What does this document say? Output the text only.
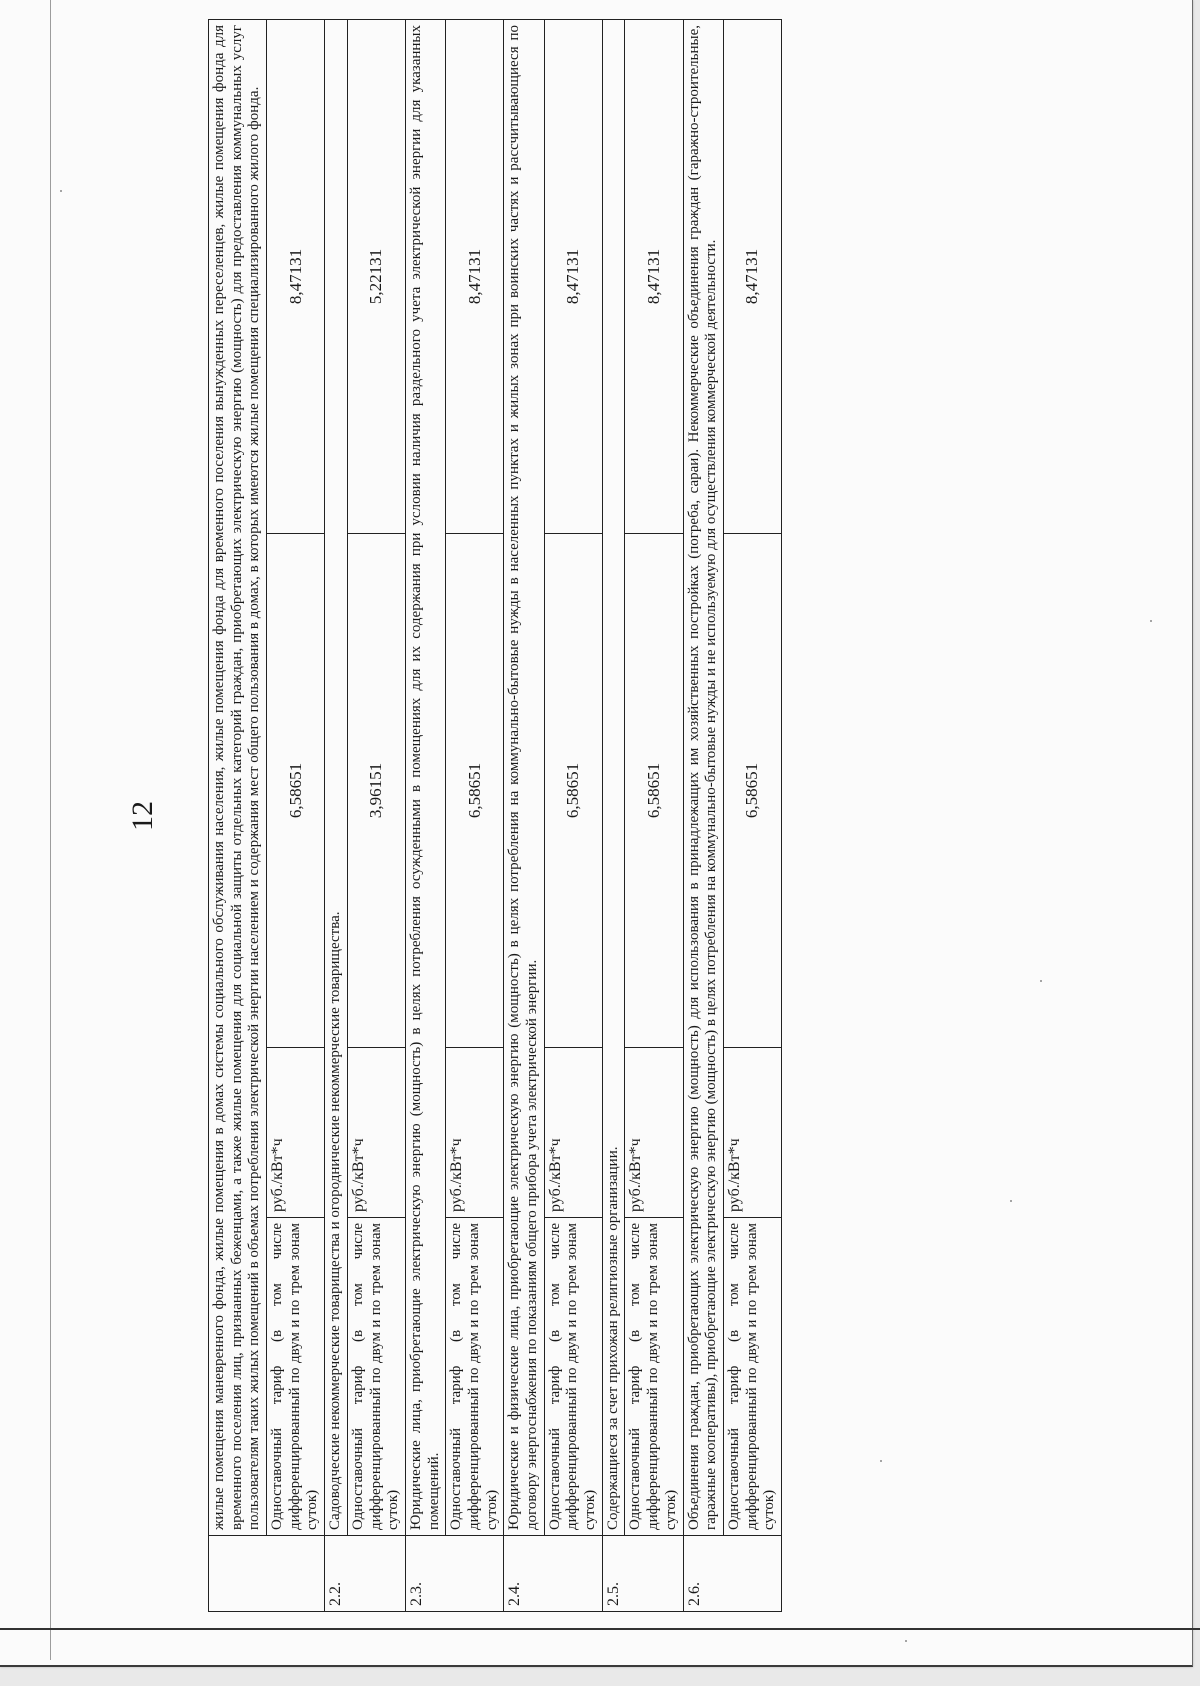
12
		жилые помещения маневренного фонда, жилые помещения в домах системы социального обслуживания населения, жилые помещения фонда для временного поселения вынужденных переселенцев, жилые помещения фонда для временного поселения лиц, признанных беженцами, а также жилые помещения для социальной защиты отдельных категорий граждан, приобретающих электрическую энергию (мощность) для предоставления коммунальных услуг пользователям таких жилых помещений в объемах потребления электрической энергии населением и содержания мест общего пользования в домах, в которых имеются жилые помещения специализированного жилого фонда.			
	Одноставочный тариф (в том числе дифференцированный по двум и по трем зонам суток)	руб./кВт*ч	6,58651	8,47131
2.2.	Садоводческие некоммерческие товарищества и огороднические некоммерческие товарищества.			
	Одноставочный тариф (в том числе дифференцированный по двум и по трем зонам суток)	руб./кВт*ч	3,96151	5,22131
2.3.	Юридические лица, приобретающие электрическую энергию (мощность) в целях потребления осужденными в помещениях для их содержания при условии наличия раздельного учета электрической энергии для указанных помещений.			
	Одноставочный тариф (в том числе дифференцированный по двум и по трем зонам суток)	руб./кВт*ч	6,58651	8,47131
2.4.	Юридические и физические лица, приобретающие электрическую энергию (мощность) в целях потребления на коммунально-бытовые нужды в населенных пунктах и жилых зонах при воинских частях и рассчитывающиеся по договору энергоснабжения по показаниям общего прибора учета электрической энергии.			
	Одноставочный тариф (в том числе дифференцированный по двум и по трем зонам суток)	руб./кВт*ч	6,58651	8,47131
2.5.	Содержащиеся за счет прихожан религиозные организации.			
	Одноставочный тариф (в том числе дифференцированный по двум и по трем зонам суток)	руб./кВт*ч	6,58651	8,47131
2.6.	Объединения граждан, приобретающих электрическую энергию (мощность) для использования в принадлежащих им хозяйственных постройках (погреба, сараи). Некоммерческие объединения граждан (гаражно-строительные, гаражные кооперативы), приобретающие электрическую энергию (мощность) в целях потребления на коммунально-бытовые нужды и не используемую для осуществления коммерческой деятельности.			
	Одноставочный тариф (в том числе дифференцированный по двум и по трем зонам суток)	руб./кВт*ч	6,58651	8,47131
